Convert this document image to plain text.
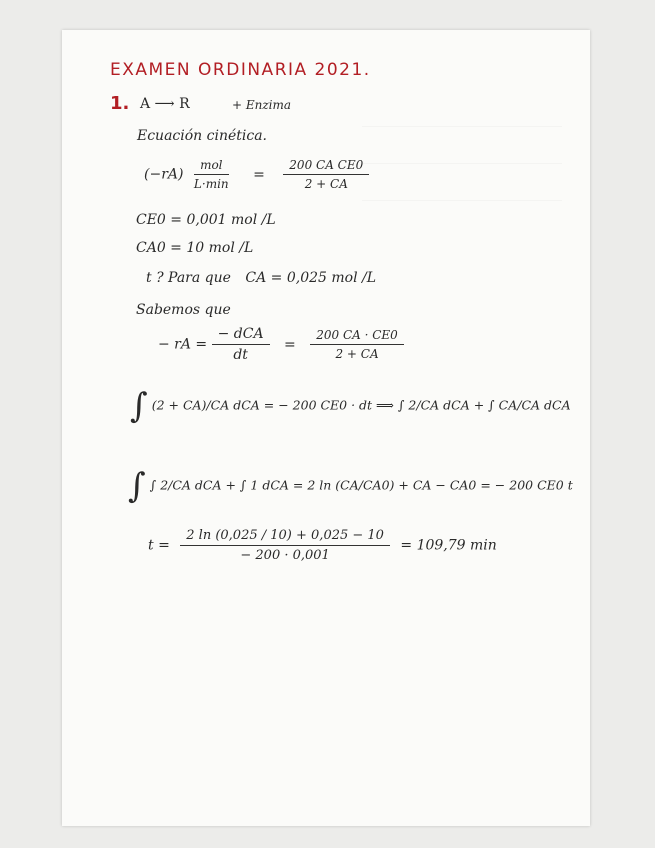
EXAMEN ORDINARIA 2021.
1. A ⟶ R	+ Enzima
Ecuación cinética.
$(-rA) \frac{\text{mol}}{L\cdot\min} = \frac{\text{200 CA CE0}}{2 + CA}$
CE0 = 0,001 mol /L
CA0 = 10 mol /L
t ? Para que CA = 0,025 mol /L
Sabemos que
− rA = $\frac{\text{− dCA}}{dt} = \frac{200 CA \cdot CE0}{2 + CA}$
∫ (2 + CA)/CA dCA = − 200 CE0 · dt ⟹ ∫ 2/CA dCA + ∫ CA/CA dCA
∫ ∫ 2/CA dCA + ∫ 1 dCA = 2 ln (CA/CA0) + CA − CA0 = − 200 CE0 t
$t = \frac{2 \ln (0,025 / 10) + 0,025 - 10}{- 200 \cdot 0,001} = 109,79$ min
